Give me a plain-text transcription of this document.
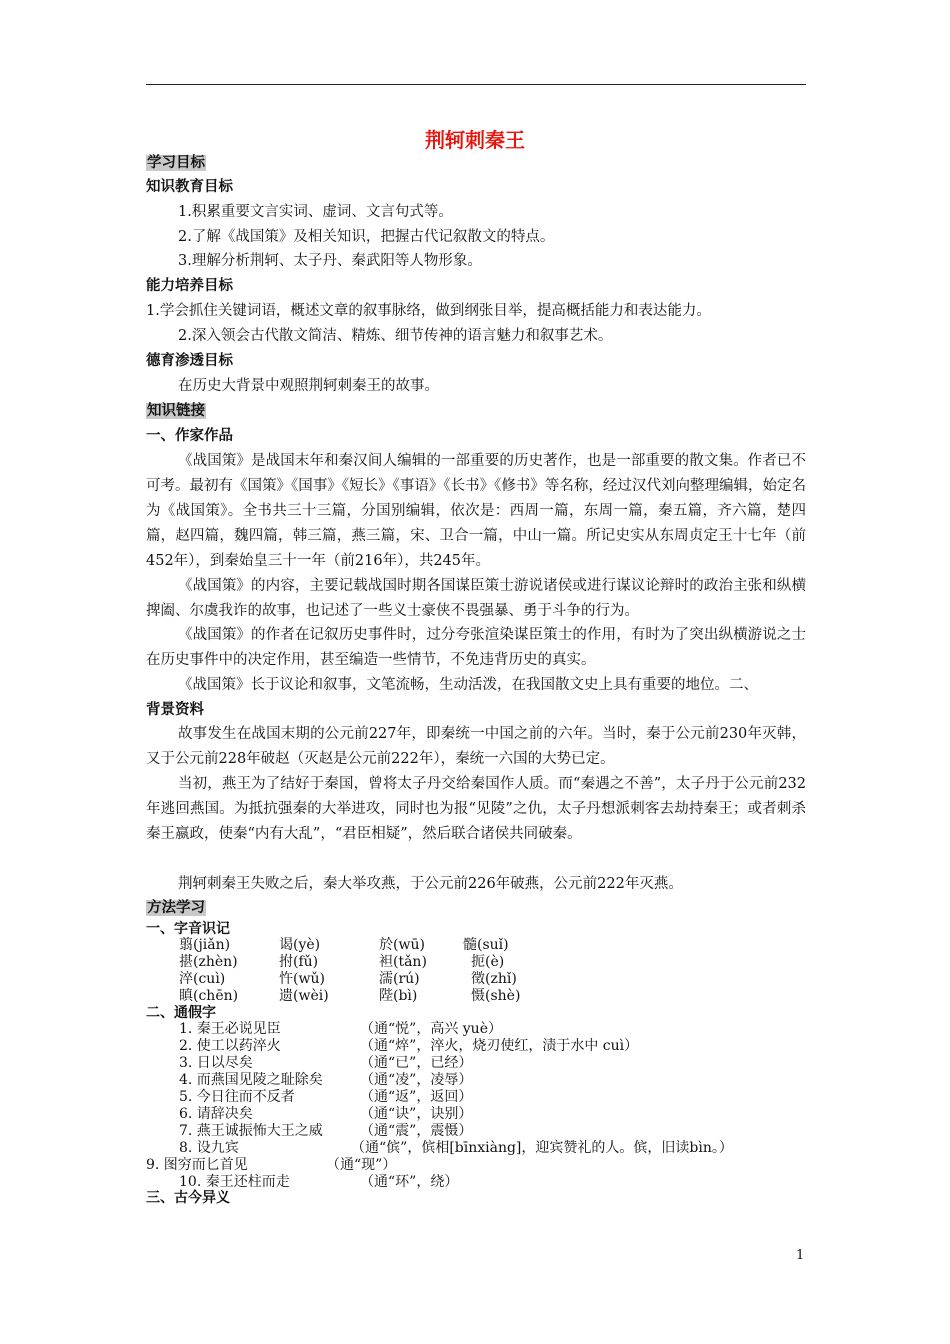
荆轲刺秦王
学习目标
知识教育目标
1.积累重要文言实词、虚词、文言句式等。
2.了解《战国策》及相关知识，把握古代记叙散文的特点。
3.理解分析荆轲、太子丹、秦武阳等人物形象。
能力培养目标
1.学会抓住关键词语，概述文章的叙事脉络，做到纲张目举，提高概括能力和表达能力。
2.深入领会古代散文简洁、精炼、细节传神的语言魅力和叙事艺术。
德育渗透目标
在历史大背景中观照荆轲刺秦王的故事。
知识链接
一、作家作品
《战国策》是战国末年和秦汉间人编辑的一部重要的历史著作，也是一部重要的散文集。作者已不可考。最初有《国策》《国事》《短长》《事语》《长书》《修书》等名称，经过汉代刘向整理编辑，始定名为《战国策》。全书共三十三篇，分国别编辑，依次是：西周一篇，东周一篇，秦五篇，齐六篇，楚四篇，赵四篇，魏四篇，韩三篇，燕三篇，宋、卫合一篇，中山一篇。所记史实从东周贞定王十七年（前452年），到秦始皇三十一年（前216年），共245年。
《战国策》的内容，主要记载战国时期各国谋臣策士游说诸侯或进行谋议论辩时的政治主张和纵横捭阖、尔虞我诈的故事，也记述了一些义士豪侠不畏强暴、勇于斗争的行为。
《战国策》的作者在记叙历史事件时，过分夸张渲染谋臣策士的作用，有时为了突出纵横游说之士在历史事件中的决定作用，甚至编造一些情节，不免违背历史的真实。
《战国策》长于议论和叙事，文笔流畅，生动活泼，在我国散文史上具有重要的地位。二、
背景资料
故事发生在战国末期的公元前227年，即秦统一中国之前的六年。当时，秦于公元前230年灭韩，又于公元前228年破赵（灭赵是公元前222年），秦统一六国的大势已定。
当初，燕王为了结好于秦国，曾将太子丹交给秦国作人质。而“秦遇之不善”，太子丹于公元前232年逃回燕国。为抵抗强秦的大举进攻，同时也为报“见陵”之仇，太子丹想派刺客去劫持秦王；或者刺杀秦王嬴政，使秦“内有大乱”，“君臣相疑”，然后联合诸侯共同破秦。
荆轲刺秦王失败之后，秦大举攻燕，于公元前226年破燕，公元前222年灭燕。
方法学习
一、字音识记
翦(jiǎn)	谒(yè)	於(wū)	髓(suǐ)
揕(zhèn)	拊(fǔ)	袒(tǎn)	扼(è)
淬(cuì)	忤(wǔ)	濡(rú)	徵(zhǐ)
瞋(chēn)	遗(wèi)	陛(bì)	慑(shè)
二、通假字
1. 秦王必说见臣	（通“悦”，高兴 yuè）
2. 使工以药淬火	（通“焠”，淬火，烧刃使红，渍于水中 cuì）
3. 日以尽矣	（通“已”，已经）
4. 而燕国见陵之耻除矣	（通“凌”，凌辱）
5. 今日往而不反者	（通“返”，返回）
6. 请辞决矣	（通“诀”，诀别）
7. 燕王诚振怖大王之威	（通“震”，震慑）
8. 设九宾	（通“傧”，傧相[bīnxiàng]，迎宾赞礼的人。傧，旧读bìn。）
9. 图穷而匕首见	（通“现”）
10. 秦王还柱而走	（通“环”，绕）
三、古今异义
1
